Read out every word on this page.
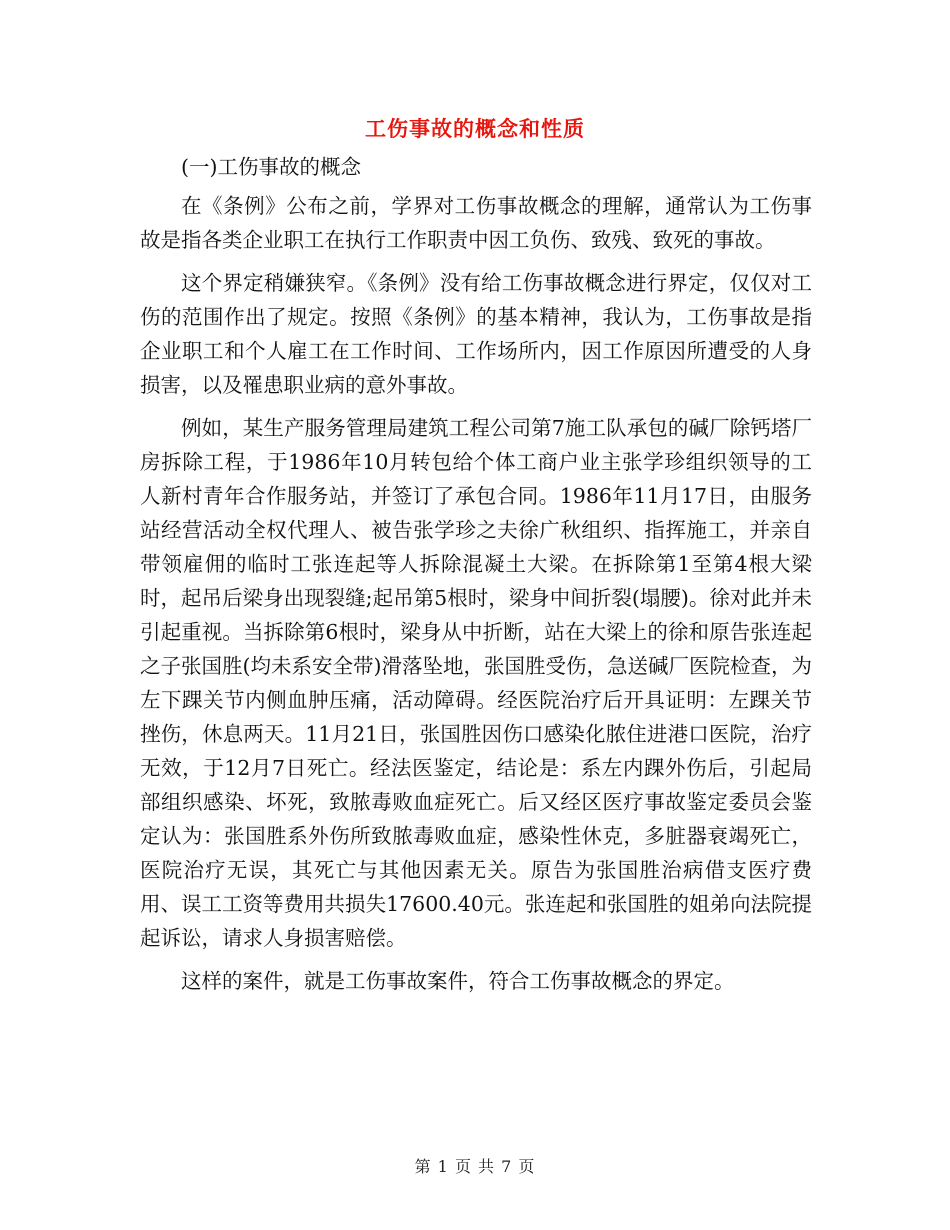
工伤事故的概念和性质

(一)工伤事故的概念

在《条例》公布之前，学界对工伤事故概念的理解，通常认为工伤事故是指各类企业职工在执行工作职责中因工负伤、致残、致死的事故。

这个界定稍嫌狭窄。《条例》没有给工伤事故概念进行界定，仅仅对工伤的范围作出了规定。按照《条例》的基本精神，我认为，工伤事故是指企业职工和个人雇工在工作时间、工作场所内，因工作原因所遭受的人身损害，以及罹患职业病的意外事故。

例如，某生产服务管理局建筑工程公司第7施工队承包的碱厂除钙塔厂房拆除工程，于1986年10月转包给个体工商户业主张学珍组织领导的工人新村青年合作服务站，并签订了承包合同。1986年11月17日，由服务站经营活动全权代理人、被告张学珍之夫徐广秋组织、指挥施工，并亲自带领雇佣的临时工张连起等人拆除混凝土大梁。在拆除第1至第4根大梁时，起吊后梁身出现裂缝;起吊第5根时，梁身中间折裂(塌腰)。徐对此并未引起重视。当拆除第6根时，梁身从中折断，站在大梁上的徐和原告张连起之子张国胜(均未系安全带)滑落坠地，张国胜受伤，急送碱厂医院检查，为左下踝关节内侧血肿压痛，活动障碍。经医院治疗后开具证明：左踝关节挫伤，休息两天。11月21日，张国胜因伤口感染化脓住进港口医院，治疗无效，于12月7日死亡。经法医鉴定，结论是：系左内踝外伤后，引起局部组织感染、坏死，致脓毒败血症死亡。后又经区医疗事故鉴定委员会鉴定认为：张国胜系外伤所致脓毒败血症，感染性休克，多脏器衰竭死亡，医院治疗无误，其死亡与其他因素无关。原告为张国胜治病借支医疗费用、误工工资等费用共损失17600.40元。张连起和张国胜的姐弟向法院提起诉讼，请求人身损害赔偿。

这样的案件，就是工伤事故案件，符合工伤事故概念的界定。

第 1 页 共 7 页
